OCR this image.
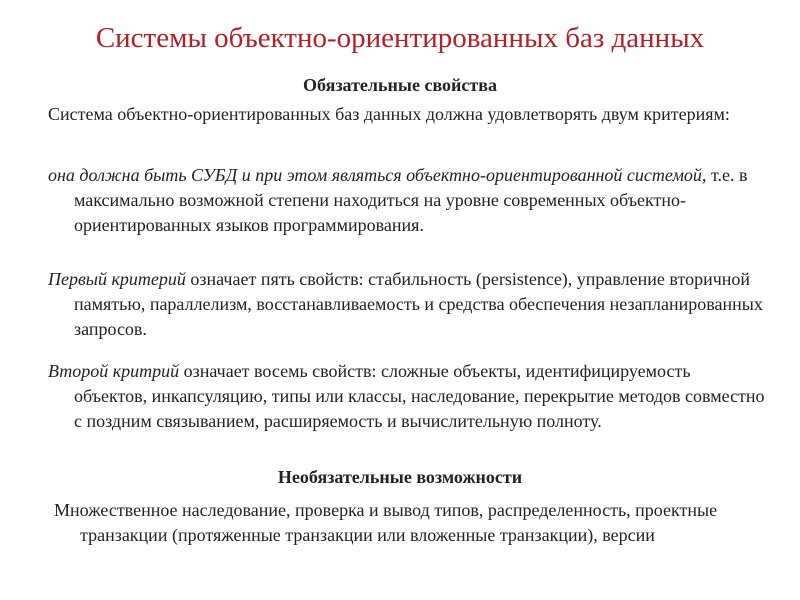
Системы объектно-ориентированных баз данных
Обязательные свойства
Система объектно-ориентированных баз данных должна удовлетворять двум критериям:
она должна быть СУБД и при этом являться объектно-ориентированной системой, т.е. в максимально возможной степени находиться на уровне современных объектно-ориентированных языков программирования.
Первый критерий означает пять свойств: стабильность (persistence), управление вторичной памятью, параллелизм, восстанавливаемость и средства обеспечения незапланированных запросов.
Второй критрий означает восемь свойств: сложные объекты, идентифицируемость объектов, инкапсуляцию, типы или классы, наследование, перекрытие методов совместно с поздним связыванием, расширяемость и вычислительную полноту.
Необязательные возможности
Множественное наследование, проверка и вывод типов, распределенность, проектные транзакции (протяженные транзакции или вложенные транзакции), версии
